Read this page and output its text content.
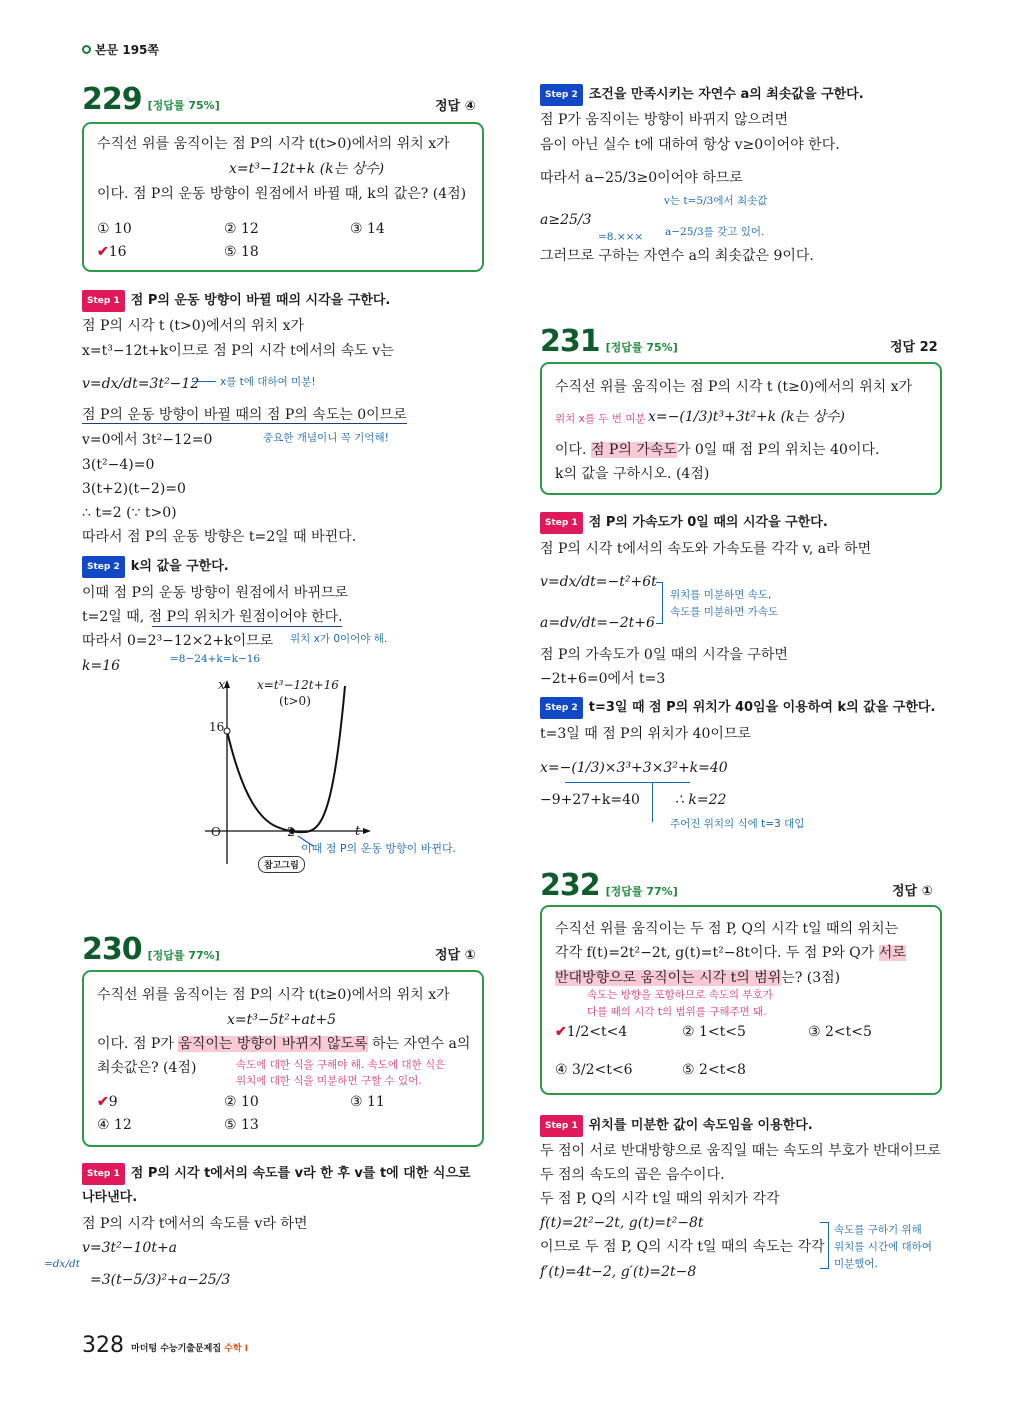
본문 195쪽
229 [정답률 75%]	정답 ④
수직선 위를 움직이는 점 P의 시각 t(t>0)에서의 위치 x가
x=t³−12t+k (k는 상수)
이다. 점 P의 운동 방향이 원점에서 바뀔 때, k의 값은? (4점)
① 10	② 12	③ 14
✔16	⑤ 18
Step 1 점 P의 운동 방향이 바뀔 때의 시각을 구한다.
점 P의 시각 t (t>0)에서의 위치 x가
x=t³−12t+k이므로 점 P의 시각 t에서의 속도 v는
v=dx/dt=3t²−12 x를 t에 대하여 미분!
점 P의 운동 방향이 바뀔 때의 점 P의 속도는 0이므로
중요한 개념이니 꼭 기억해!
v=0에서 3t²−12=0
3(t²−4)=0
3(t+2)(t−2)=0
∴ t=2 (∵ t>0)
따라서 점 P의 운동 방향은 t=2일 때 바뀐다.
Step 2 k의 값을 구한다.
이때 점 P의 운동 방향이 원점에서 바뀌므로
t=2일 때, 점 P의 위치가 원점이어야 한다.
따라서 0=2³−12×2+k이므로 위치 x가 0이어야 해.
=8−24+k=k−16
k=16
x
t
16
2
O
x=t³−12t+16
(t>0)
이때 점 P의 운동 방향이 바뀐다.
참고그림
230 [정답률 77%]	정답 ①
수직선 위를 움직이는 점 P의 시각 t(t≥0)에서의 위치 x가
x=t³−5t²+at+5
이다. 점 P가 움직이는 방향이 바뀌지 않도록 하는 자연수 a의
최솟값은? (4점)	속도에 대한 식을 구해야 해. 속도에 대한 식은
위치에 대한 식을 미분하면 구할 수 있어.
✔9	② 10	③ 11
④ 12	⑤ 13
Step 1 점 P의 시각 t에서의 속도를 v라 한 후 v를 t에 대한 식으로
나타낸다.
점 P의 시각 t에서의 속도를 v라 하면
v=3t²−10t+a
=3(t−5/3)²+a−25/3
=dx/dt
Step 2 조건을 만족시키는 자연수 a의 최솟값을 구한다.
점 P가 움직이는 방향이 바뀌지 않으려면
음이 아닌 실수 t에 대하여 항상 v≥0이어야 한다.
따라서 a−25/3≥0이어야 하므로
v는 t=5/3에서 최솟값
a≥25/3
=8.××× a−25/3를 갖고 있어.
그러므로 구하는 자연수 a의 최솟값은 9이다.
231 [정답률 75%]	정답 22
수직선 위를 움직이는 점 P의 시각 t (t≥0)에서의 위치 x가
위치 x를 두 번 미분 x=−(1/3)t³+3t²+k (k는 상수)
이다. 점 P의 가속도가 0일 때 점 P의 위치는 40이다.
k의 값을 구하시오. (4점)
Step 1 점 P의 가속도가 0일 때의 시각을 구한다.
점 P의 시각 t에서의 속도와 가속도를 각각 v, a라 하면
v=dx/dt=−t²+6t
a=dv/dt=−2t+6
위치를 미분하면 속도,
속도를 미분하면 가속도
점 P의 가속도가 0일 때의 시각을 구하면
−2t+6=0에서 t=3
Step 2 t=3일 때 점 P의 위치가 40임을 이용하여 k의 값을 구한다.
t=3일 때 점 P의 위치가 40이므로
x=−(1/3)×3³+3×3²+k=40
−9+27+k=40	∴ k=22
주어진 위치의 식에 t=3 대입
232 [정답률 77%]	정답 ①
수직선 위를 움직이는 두 점 P, Q의 시각 t일 때의 위치는
각각 f(t)=2t²−2t, g(t)=t²−8t이다. 두 점 P와 Q가 서로
반대방향으로 움직이는 시각 t의 범위는? (3점)
속도는 방향을 포함하므로 속도의 부호가
다를 때의 시각 t의 범위를 구해주면 돼.
✔1/2<t<4	② 1<t<5	③ 2<t<5
④ 3/2<t<6	⑤ 2<t<8
Step 1 위치를 미분한 값이 속도임을 이용한다.
두 점이 서로 반대방향으로 움직일 때는 속도의 부호가 반대이므로
두 점의 속도의 곱은 음수이다.
두 점 P, Q의 시각 t일 때의 위치가 각각
f(t)=2t²−2t, g(t)=t²−8t
이므로 두 점 P, Q의 시각 t일 때의 속도는 각각
f′(t)=4t−2, g′(t)=2t−8
속도를 구하기 위해
위치를 시간에 대하여
미분했어.
328 마더텅 수능기출문제집 수학 I
